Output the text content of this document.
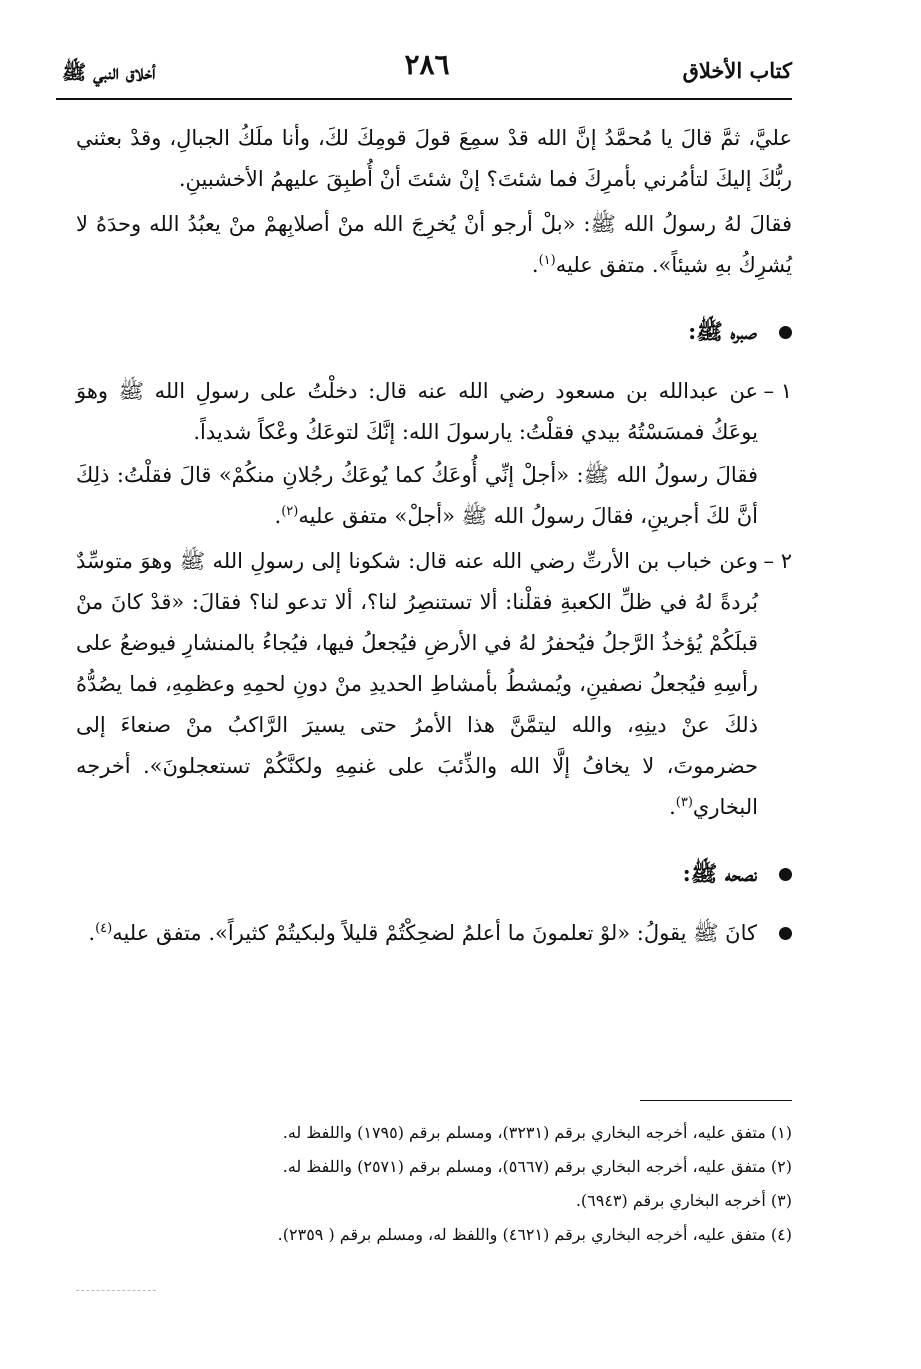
كتاب الأخلاق
٢٨٦
أخلاق النبي ﷺ

عليَّ، ثمَّ قالَ يا مُحمَّدُ إنَّ الله قدْ سمِعَ قولَ قومِكَ لكَ، وأنا ملَكُ الجبالِ، وقدْ بعثني ربُّكَ إليكَ لتأمُرني بأمرِكَ فما شئتَ؟ إنْ شئتَ أنْ أُطبِقَ عليهمُ الأخشبينِ.

فقالَ لهُ رسولُ الله ﷺ: «بلْ أرجو أنْ يُخرِجَ الله منْ أصلابِهمْ منْ يعبُدُ الله وحدَهُ لا يُشرِكُ بهِ شيئاً». متفق عليه$^{(١)}$.

صبره ﷺ:
١ –
عن عبدالله بن مسعود رضي الله عنه قال: دخلْتُ على رسولِ الله ﷺ وهوَ يوعَكُ فمسَسْتُهُ بيدي فقلْتُ: يارسولَ الله: إنَّكَ لتوعَكُ وعْكاً شديداً.
فقالَ رسولُ الله ﷺ: «أجلْ إنِّي أُوعَكُ كما يُوعَكُ رجُلانِ منكُمْ» قالَ فقلْتُ: ذلِكَ أنَّ لكَ أجرينِ، فقالَ رسولُ الله ﷺ «أجلْ» متفق عليه$^{(٢)}$.
٢ –
وعن خباب بن الأرتِّ رضي الله عنه قال: شكونا إلى رسولِ الله ﷺ وهوَ متوسِّدٌ بُردةً لهُ في ظلِّ الكعبةِ فقلْنا: ألا تستنصِرُ لنا؟، ألا تدعو لنا؟ فقالَ: «قدْ كانَ منْ قبلَكُمْ يُؤخذُ الرَّجلُ فيُحفرُ لهُ في الأرضِ فيُجعلُ فيها، فيُجاءُ بالمنشارِ فيوضعُ على رأسِهِ فيُجعلُ نصفينِ، ويُمشطُ بأمشاطِ الحديدِ منْ دونِ لحمِهِ وعظمِهِ، فما يصُدُّهُ ذلكَ عنْ دينِهِ، والله ليتمَّنَّ هذا الأمرُ حتى يسيرَ الرَّاكبُ منْ صنعاءَ إلى حضرموتَ، لا يخافُ إلَّا الله والذِّئبَ على غنمِهِ ولكنَّكُمْ تستعجلونَ». أخرجه البخاري$^{(٣)}$.
نصحه ﷺ:
كانَ ﷺ يقولُ: «لوْ تعلمونَ ما أعلمُ لضحِكْتُمْ قليلاً ولبكيتُمْ كثيراً». متفق عليه$^{(٤)}$.
(١) متفق عليه، أخرجه البخاري برقم (٣٢٣١)، ومسلم برقم (١٧٩٥) واللفظ له.
(٢) متفق عليه، أخرجه البخاري برقم (٥٦٦٧)، ومسلم برقم (٢٥٧١) واللفظ له.
(٣) أخرجه البخاري برقم (٦٩٤٣).
(٤) متفق عليه، أخرجه البخاري برقم (٤٦٢١) واللفظ له، ومسلم برقم ( ٢٣٥٩).
